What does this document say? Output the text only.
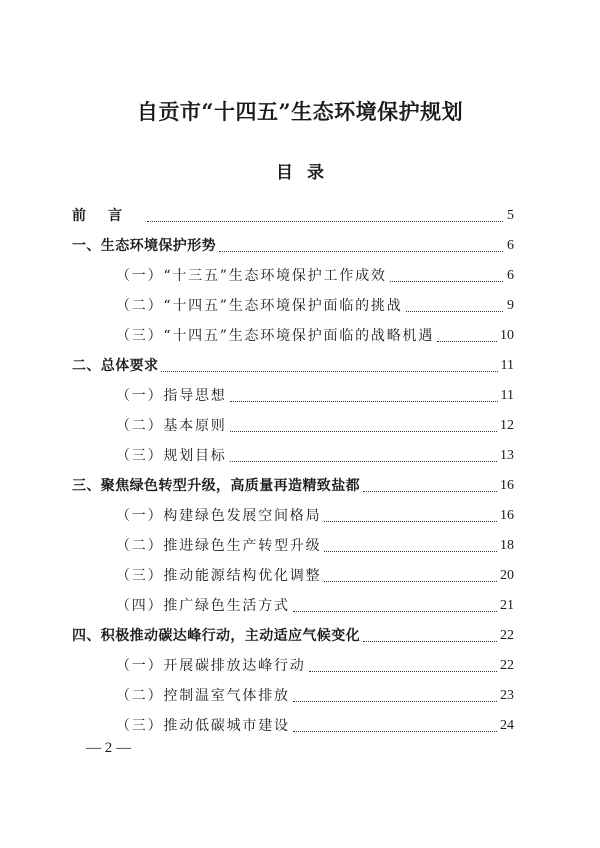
自贡市“十四五”生态环境保护规划
目录
前言	5
一、生态环境保护形势	6
（一）“十三五”生态环境保护工作成效	6
（二）“十四五”生态环境保护面临的挑战	9
（三）“十四五”生态环境保护面临的战略机遇	10
二、总体要求	11
（一）指导思想	11
（二）基本原则	12
（三）规划目标	13
三、聚焦绿色转型升级，高质量再造精致盐都	16
（一）构建绿色发展空间格局	16
（二）推进绿色生产转型升级	18
（三）推动能源结构优化调整	20
（四）推广绿色生活方式	21
四、积极推动碳达峰行动，主动适应气候变化	22
（一）开展碳排放达峰行动	22
（二）控制温室气体排放	23
（三）推动低碳城市建设	24
— 2 —
